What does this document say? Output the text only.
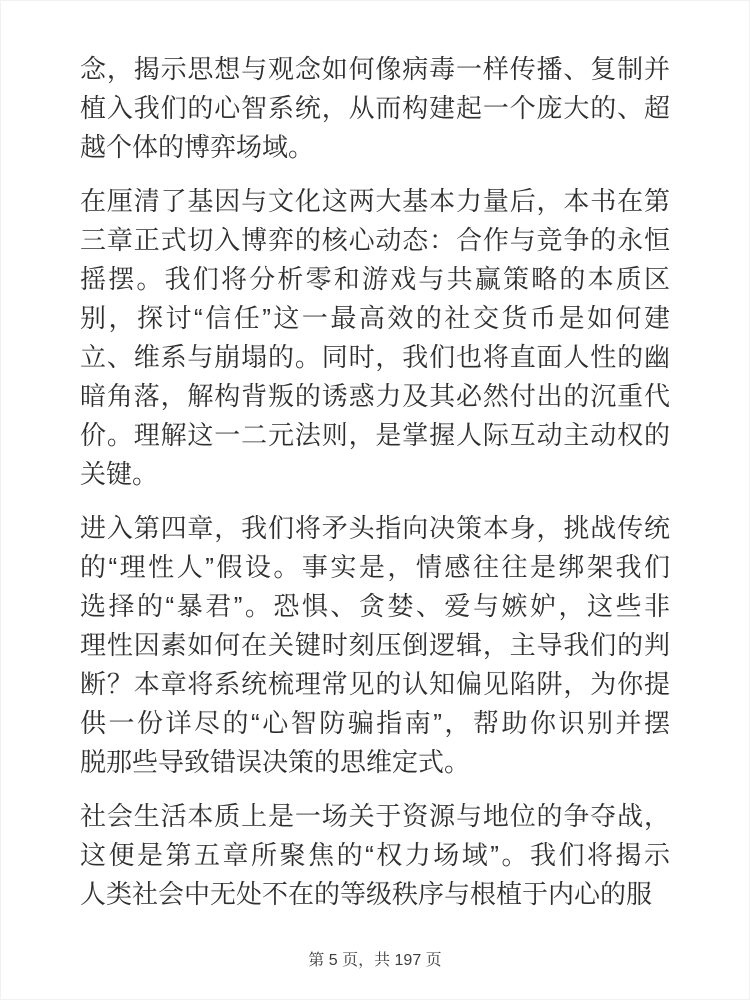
念，揭示思想与观念如何像病毒一样传播、复制并
植入我们的心智系统，从而构建起一个庞大的、超
越个体的博弈场域。

在厘清了基因与文化这两大基本力量后，本书在第
三章正式切入博弈的核心动态：合作与竞争的永恒
摇摆。我们将分析零和游戏与共赢策略的本质区
别，探讨“信任”这一最高效的社交货币是如何建
立、维系与崩塌的。同时，我们也将直面人性的幽
暗角落，解构背叛的诱惑力及其必然付出的沉重代
价。理解这一二元法则，是掌握人际互动主动权的
关键。

进入第四章，我们将矛头指向决策本身，挑战传统
的“理性人”假设。事实是，情感往往是绑架我们
选择的“暴君”。恐惧、贪婪、爱与嫉妒，这些非
理性因素如何在关键时刻压倒逻辑，主导我们的判
断？本章将系统梳理常见的认知偏见陷阱，为你提
供一份详尽的“心智防骗指南”，帮助你识别并摆
脱那些导致错误决策的思维定式。

社会生活本质上是一场关于资源与地位的争夺战，
这便是第五章所聚焦的“权力场域”。我们将揭示
人类社会中无处不在的等级秩序与根植于内心的服

第 5 页，共 197 页
